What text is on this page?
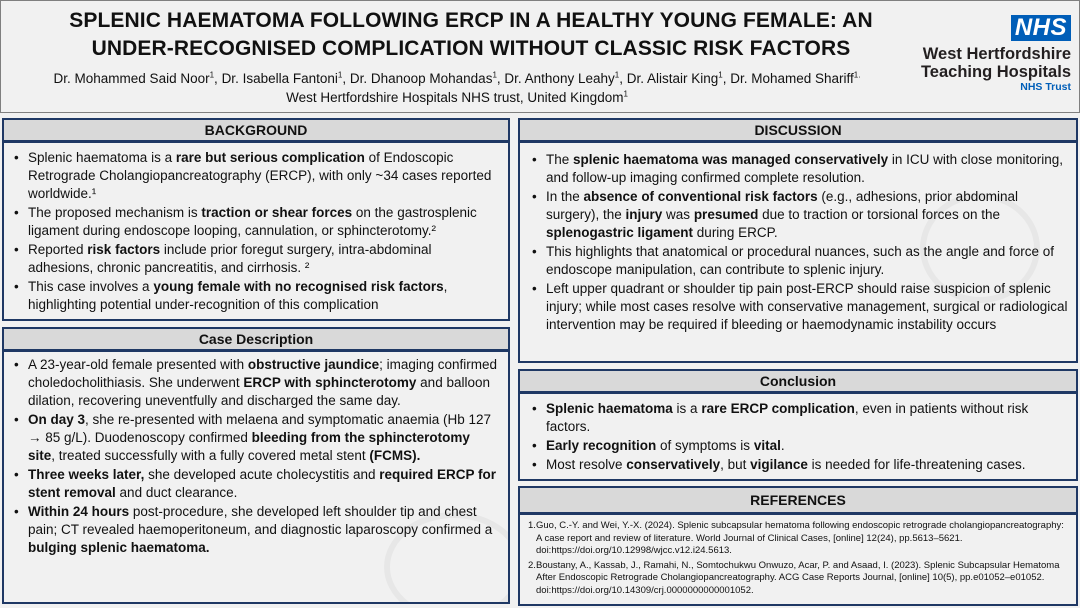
SPLENIC HAEMATOMA FOLLOWING ERCP IN A HEALTHY YOUNG FEMALE: AN
UNDER-RECOGNISED COMPLICATION WITHOUT CLASSIC RISK FACTORS
Dr. Mohammed Said Noor$^1$, Dr. Isabella Fantoni$^1$, Dr. Dhanoop Mohandas$^1$, Dr. Anthony Leahy$^1$, Dr. Alistair King$^1$, Dr. Mohamed Shariff$^{1.}$
West Hertfordshire Hospitals NHS trust, United Kingdom$^1$
NHS
West Hertfordshire
Teaching Hospitals
NHS Trust
BACKGROUND
• Splenic haematoma is a rare but serious complication of Endoscopic Retrograde Cholangiopancreatography (ERCP), with only ~34 cases reported worldwide.¹
• The proposed mechanism is traction or shear forces on the gastrosplenic ligament during endoscope looping, cannulation, or sphincterotomy.²
• Reported risk factors include prior foregut surgery, intra-abdominal adhesions, chronic pancreatitis, and cirrhosis. ²
• This case involves a young female with no recognised risk factors, highlighting potential under-recognition of this complication
Case Description
• A 23-year-old female presented with obstructive jaundice; imaging confirmed choledocholithiasis. She underwent ERCP with sphincterotomy and balloon dilation, recovering uneventfully and discharged the same day.
• On day 3, she re-presented with melaena and symptomatic anaemia (Hb 127 → 85 g/L). Duodenoscopy confirmed bleeding from the sphincterotomy site, treated successfully with a fully covered metal stent (FCMS).
• Three weeks later, she developed acute cholecystitis and required ERCP for stent removal and duct clearance.
• Within 24 hours post-procedure, she developed left shoulder tip and chest pain; CT revealed haemoperitoneum, and diagnostic laparoscopy confirmed a bulging splenic haematoma.
DISCUSSION
• The splenic haematoma was managed conservatively in ICU with close monitoring, and follow-up imaging confirmed complete resolution.
• In the absence of conventional risk factors (e.g., adhesions, prior abdominal surgery), the injury was presumed due to traction or torsional forces on the splenogastric ligament during ERCP.
• This highlights that anatomical or procedural nuances, such as the angle and force of endoscope manipulation, can contribute to splenic injury.
• Left upper quadrant or shoulder tip pain post-ERCP should raise suspicion of splenic injury; while most cases resolve with conservative management, surgical or radiological intervention may be required if bleeding or haemodynamic instability occurs
Conclusion
• Splenic haematoma is a rare ERCP complication, even in patients without risk factors.
• Early recognition of symptoms is vital.
• Most resolve conservatively, but vigilance is needed for life-threatening cases.
REFERENCES
1. Guo, C.-Y. and Wei, Y.-X. (2024). Splenic subcapsular hematoma following endoscopic retrograde cholangiopancreatography: A case report and review of literature. World Journal of Clinical Cases, [online] 12(24), pp.5613–5621. doi:https://doi.org/10.12998/wjcc.v12.i24.5613.
2. Boustany, A., Kassab, J., Ramahi, N., Somtochukwu Onwuzo, Acar, P. and Asaad, I. (2023). Splenic Subcapsular Hematoma After Endoscopic Retrograde Cholangiopancreatography. ACG Case Reports Journal, [online] 10(5), pp.e01052–e01052. doi:https://doi.org/10.14309/crj.0000000000001052.
